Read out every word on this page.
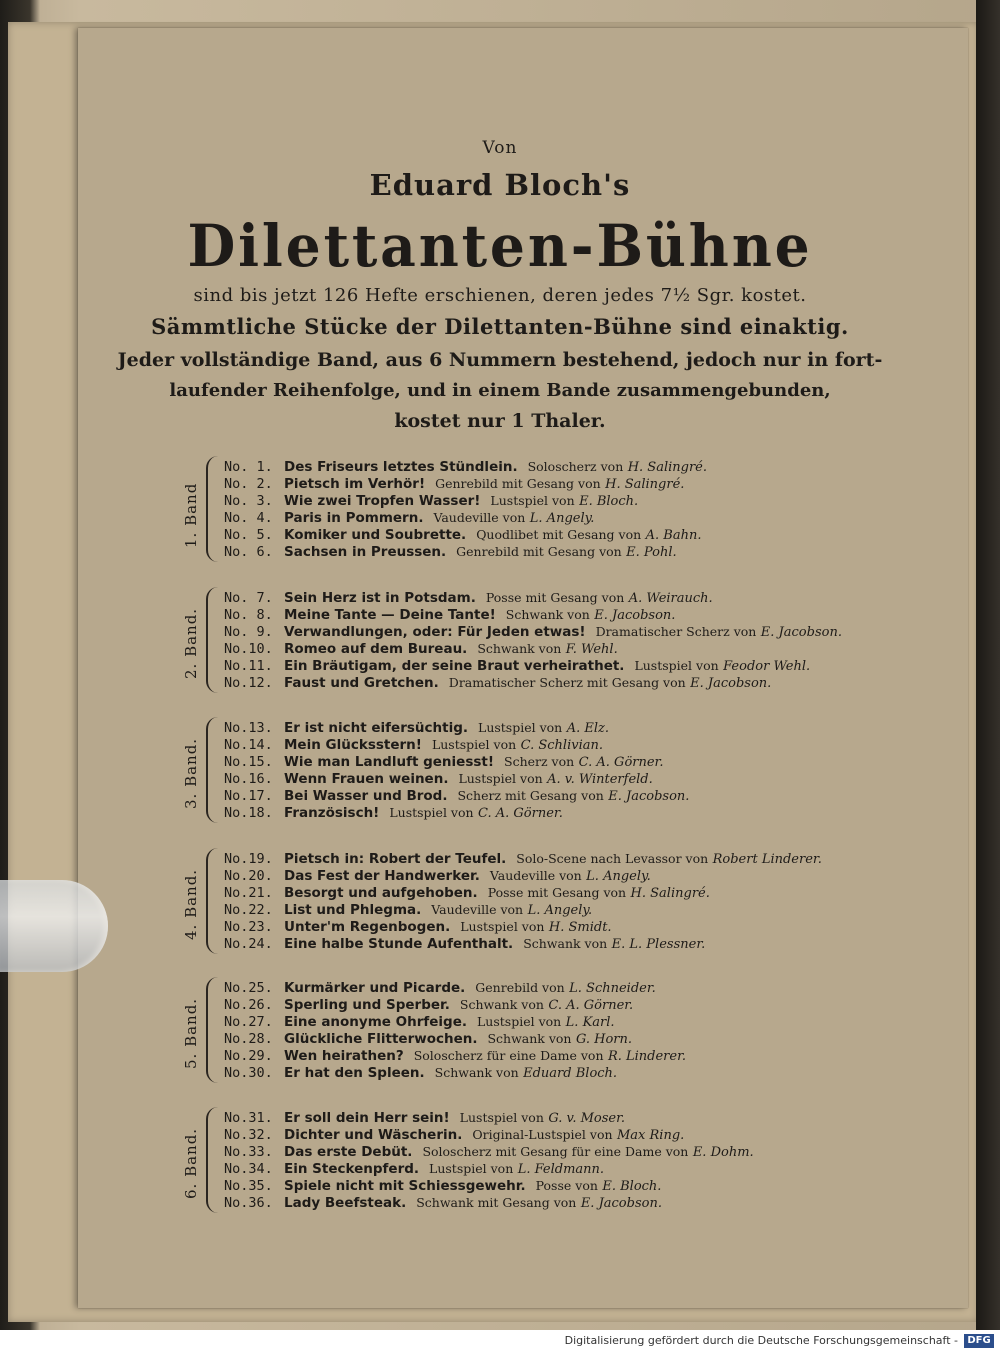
Von
Eduard Bloch's
Dilettanten-Bühne
sind bis jetzt 126 Hefte erschienen, deren jedes 7½ Sgr. kostet.
Sämmtliche Stücke der Dilettanten-Bühne sind einaktig.
Jeder vollständige Band, aus 6 Nummern bestehend, jedoch nur in fort-
laufender Reihenfolge, und in einem Bande zusammengebunden,
kostet nur 1 Thaler.
1. Band
No. 1. Des Friseurs letztes Stündlein. Soloscherz von H. Salingré.
No. 2. Pietsch im Verhör! Genrebild mit Gesang von H. Salingré.
No. 3. Wie zwei Tropfen Wasser! Lustspiel von E. Bloch.
No. 4. Paris in Pommern. Vaudeville von L. Angely.
No. 5. Komiker und Soubrette. Quodlibet mit Gesang von A. Bahn.
No. 6. Sachsen in Preussen. Genrebild mit Gesang von E. Pohl.
2. Band.
No. 7. Sein Herz ist in Potsdam. Posse mit Gesang von A. Weirauch.
No. 8. Meine Tante — Deine Tante! Schwank von E. Jacobson.
No. 9. Verwandlungen, oder: Für Jeden etwas! Dramatischer Scherz von E. Jacobson.
No.10. Romeo auf dem Bureau. Schwank von F. Wehl.
No.11. Ein Bräutigam, der seine Braut verheirathet. Lustspiel von Feodor Wehl.
No.12. Faust und Gretchen. Dramatischer Scherz mit Gesang von E. Jacobson.
3. Band.
No.13. Er ist nicht eifersüchtig. Lustspiel von A. Elz.
No.14. Mein Glücksstern! Lustspiel von C. Schlivian.
No.15. Wie man Landluft geniesst! Scherz von C. A. Görner.
No.16. Wenn Frauen weinen. Lustspiel von A. v. Winterfeld.
No.17. Bei Wasser und Brod. Scherz mit Gesang von E. Jacobson.
No.18. Französisch! Lustspiel von C. A. Görner.
4. Band.
No.19. Pietsch in: Robert der Teufel. Solo-Scene nach Levassor von Robert Linderer.
No.20. Das Fest der Handwerker. Vaudeville von L. Angely.
No.21. Besorgt und aufgehoben. Posse mit Gesang von H. Salingré.
No.22. List und Phlegma. Vaudeville von L. Angely.
No.23. Unter'm Regenbogen. Lustspiel von H. Smidt.
No.24. Eine halbe Stunde Aufenthalt. Schwank von E. L. Plessner.
5. Band.
No.25. Kurmärker und Picarde. Genrebild von L. Schneider.
No.26. Sperling und Sperber. Schwank von C. A. Görner.
No.27. Eine anonyme Ohrfeige. Lustspiel von L. Karl.
No.28. Glückliche Flitterwochen. Schwank von G. Horn.
No.29. Wen heirathen? Soloscherz für eine Dame von R. Linderer.
No.30. Er hat den Spleen. Schwank von Eduard Bloch.
6. Band.
No.31. Er soll dein Herr sein! Lustspiel von G. v. Moser.
No.32. Dichter und Wäscherin. Original-Lustspiel von Max Ring.
No.33. Das erste Debüt. Soloscherz mit Gesang für eine Dame von E. Dohm.
No.34. Ein Steckenpferd. Lustspiel von L. Feldmann.
No.35. Spiele nicht mit Schiessgewehr. Posse von E. Bloch.
No.36. Lady Beefsteak. Schwank mit Gesang von E. Jacobson.
Digitalisierung gefördert durch die Deutsche Forschungsgemeinschaft - DFG
